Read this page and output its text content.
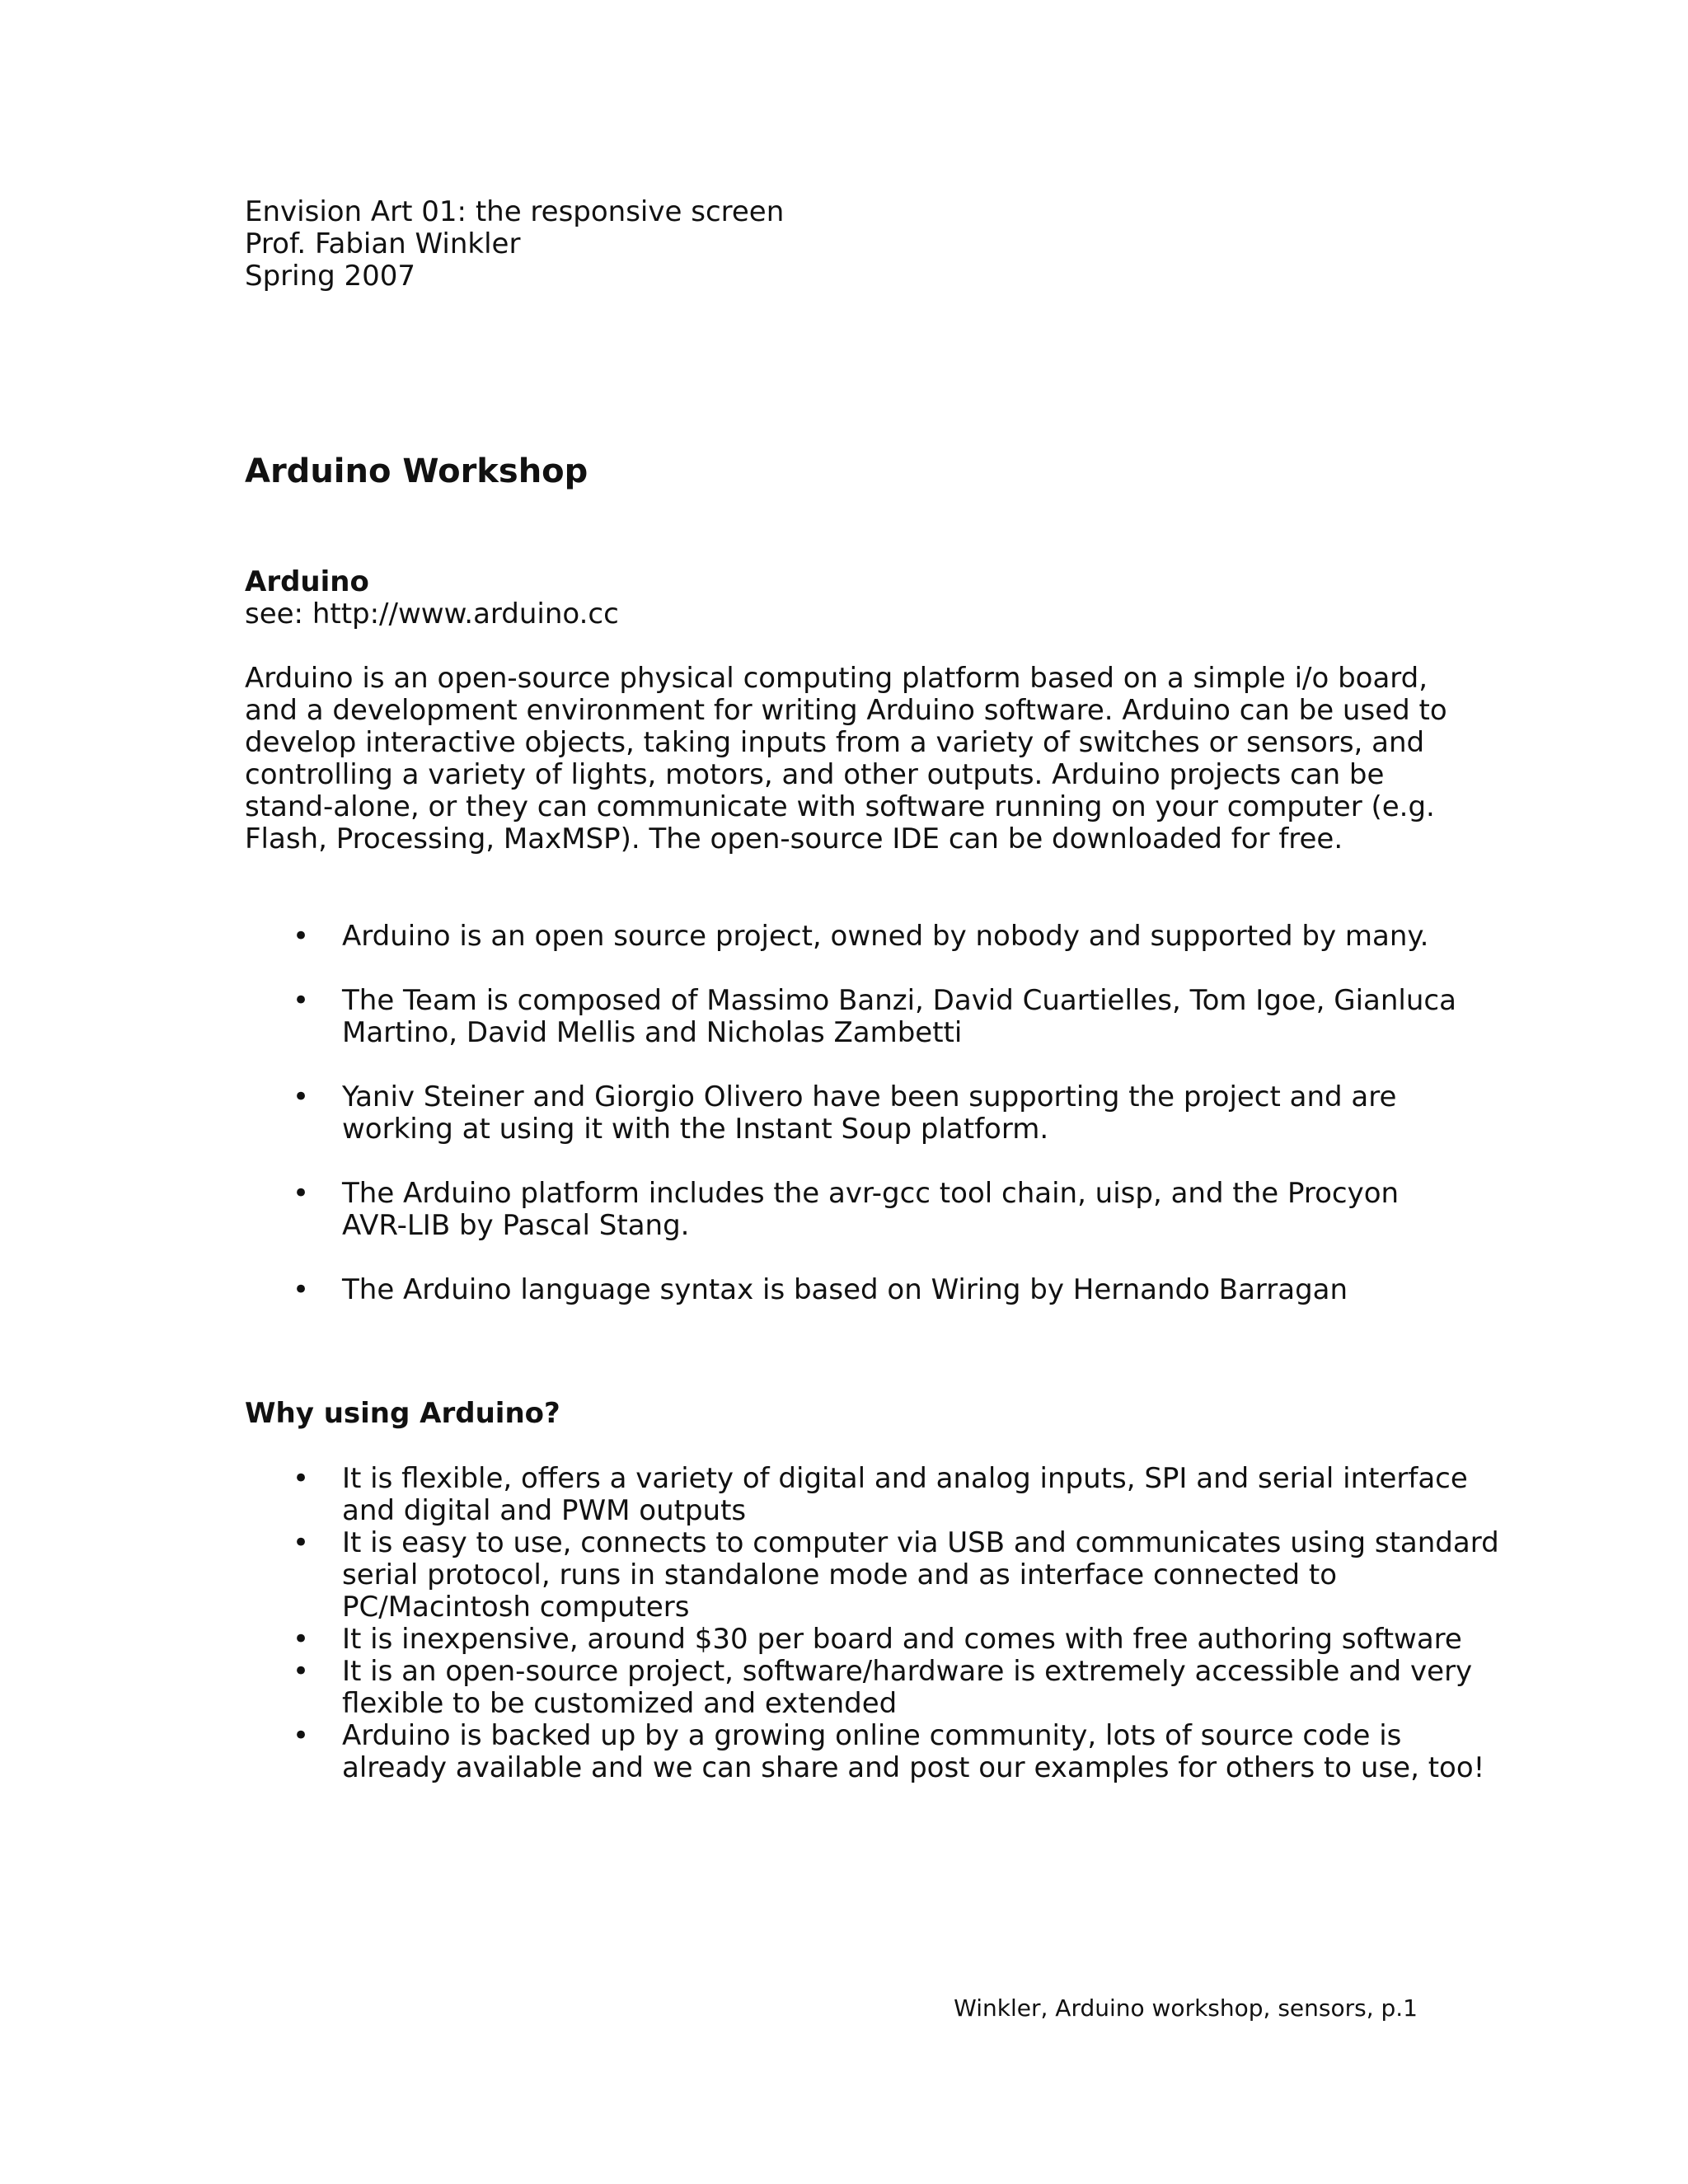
Envision Art 01: the responsive screen
Prof. Fabian Winkler
Spring 2007
Arduino Workshop
Arduino
see: http://www.arduino.cc
Arduino is an open-source physical computing platform based on a simple i/o board,
and a development environment for writing Arduino software. Arduino can be used to
develop interactive objects, taking inputs from a variety of switches or sensors, and
controlling a variety of lights, motors, and other outputs. Arduino projects can be
stand-alone, or they can communicate with software running on your computer (e.g.
Flash, Processing, MaxMSP). The open-source IDE can be downloaded for free.
• Arduino is an open source project, owned by nobody and supported by many.
• The Team is composed of Massimo Banzi, David Cuartielles, Tom Igoe, Gianluca
Martino, David Mellis and Nicholas Zambetti
• Yaniv Steiner and Giorgio Olivero have been supporting the project and are
working at using it with the Instant Soup platform.
• The Arduino platform includes the avr-gcc tool chain, uisp, and the Procyon
AVR-LIB by Pascal Stang.
• The Arduino language syntax is based on Wiring by Hernando Barragan
Why using Arduino?
• It is flexible, offers a variety of digital and analog inputs, SPI and serial interface
and digital and PWM outputs
• It is easy to use, connects to computer via USB and communicates using standard
serial protocol, runs in standalone mode and as interface connected to
PC/Macintosh computers
• It is inexpensive, around $30 per board and comes with free authoring software
• It is an open-source project, software/hardware is extremely accessible and very
flexible to be customized and extended
• Arduino is backed up by a growing online community, lots of source code is
already available and we can share and post our examples for others to use, too!
Winkler, Arduino workshop, sensors, p.1
